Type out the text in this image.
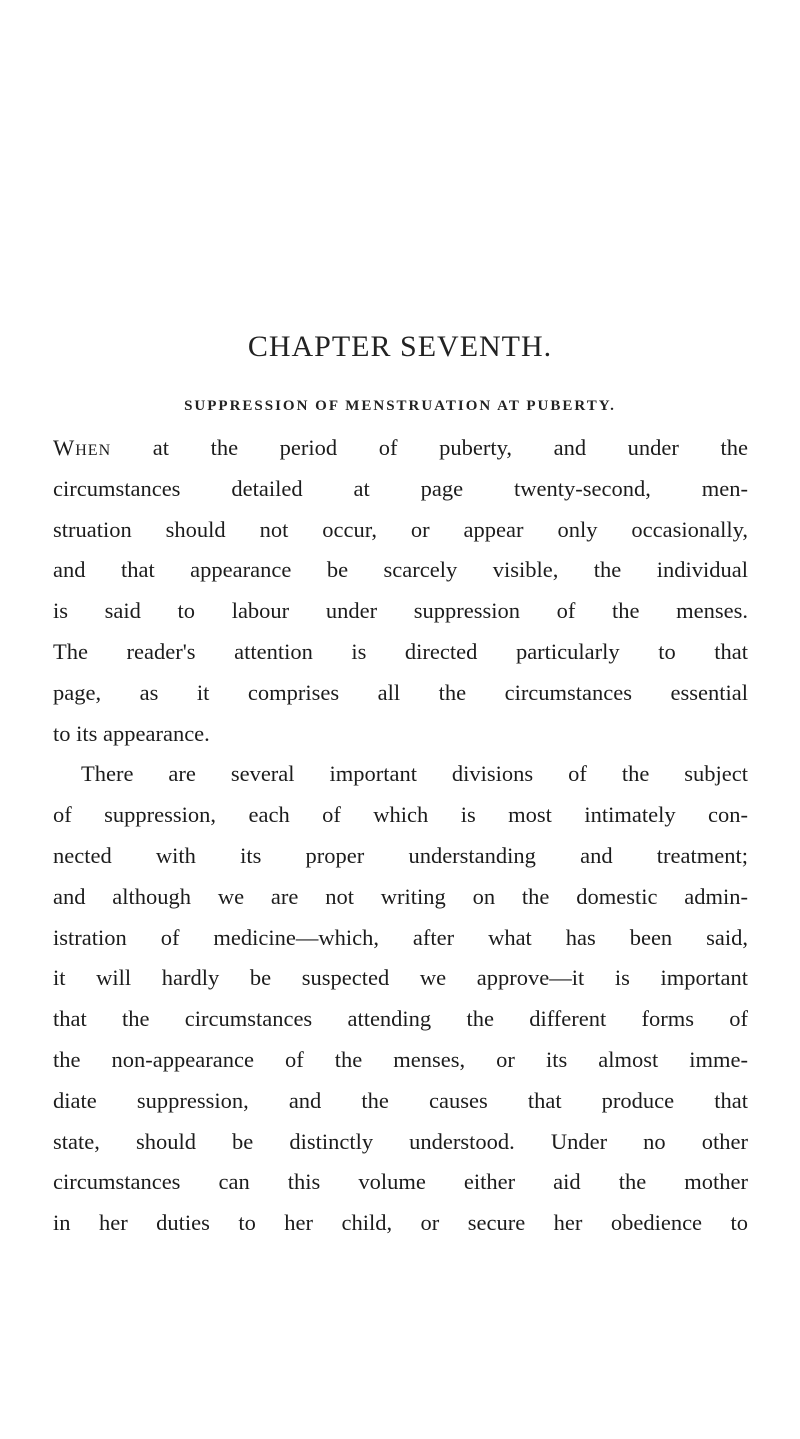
CHAPTER SEVENTH.
SUPPRESSION OF MENSTRUATION AT PUBERTY.
When at the period of puberty, and under the
circumstances detailed at page twenty-second, men-
struation should not occur, or appear only occasionally,
and that appearance be scarcely visible, the individual
is said to labour under suppression of the menses.
The reader's attention is directed particularly to that
page, as it comprises all the circumstances essential
to its appearance.
There are several important divisions of the subject
of suppression, each of which is most intimately con-
nected with its proper understanding and treatment;
and although we are not writing on the domestic admin-
istration of medicine—which, after what has been said,
it will hardly be suspected we approve—it is important
that the circumstances attending the different forms of
the non-appearance of the menses, or its almost imme-
diate suppression, and the causes that produce that
state, should be distinctly understood. Under no other
circumstances can this volume either aid the mother
in her duties to her child, or secure her obedience to
